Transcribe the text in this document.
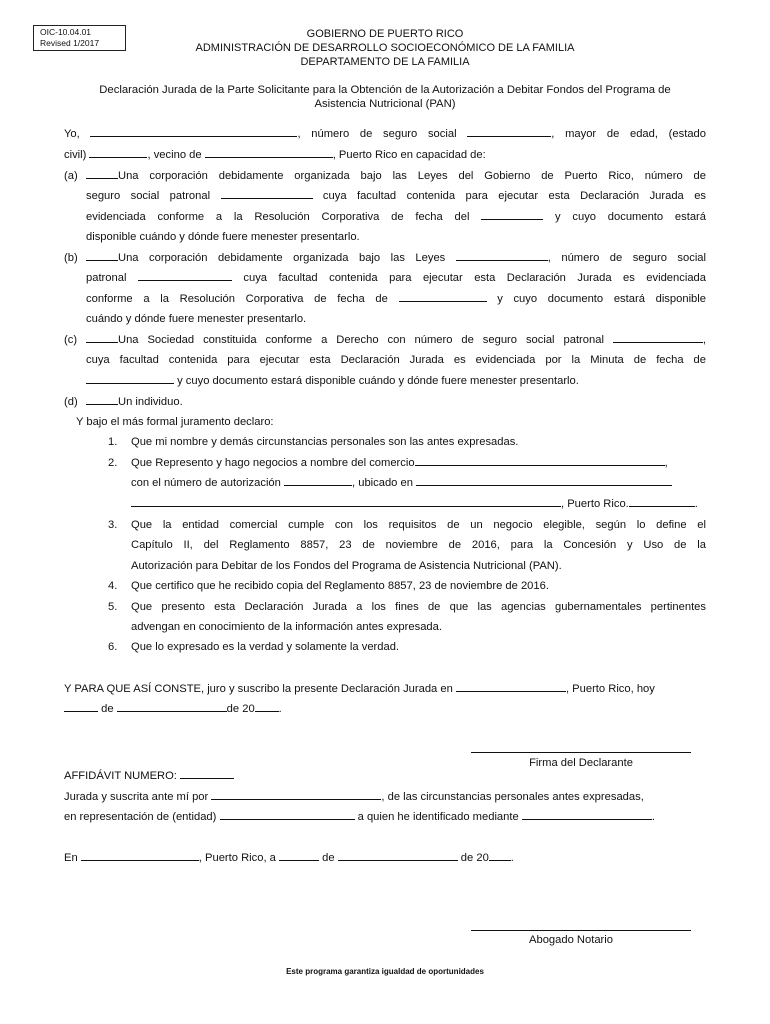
OIC-10.04.01
Revised 1/2017
GOBIERNO DE PUERTO RICO
ADMINISTRACIÓN DE DESARROLLO SOCIOECONÓMICO DE LA FAMILIA
DEPARTAMENTO DE LA FAMILIA
Declaración Jurada de la Parte Solicitante para la Obtención de la Autorización a Debitar Fondos del Programa de
Asistencia Nutricional (PAN)
Yo,	, número de seguro social	, mayor de edad, (estado
civil)	, vecino de	, Puerto Rico en capacidad de:
(a)	Una corporación debidamente organizada bajo las Leyes del Gobierno de Puerto Rico, número de
seguro social patronal	cuya facultad contenida para ejecutar esta Declaración Jurada es
evidenciada conforme a la Resolución Corporativa de fecha del	y cuyo documento estará
disponible cuándo y dónde fuere menester presentarlo.
(b)	Una corporación debidamente organizada bajo las Leyes	, número de seguro social
patronal	cuya facultad contenida para ejecutar esta Declaración Jurada es evidenciada
conforme a la Resolución Corporativa de fecha de	y cuyo documento estará disponible
cuándo y dónde fuere menester presentarlo.
(c)	Una Sociedad constituida conforme a Derecho con número de seguro social patronal	,
cuya facultad contenida para ejecutar esta Declaración Jurada es evidenciada por la Minuta de fecha de
y cuyo documento estará disponible cuándo y dónde fuere menester presentarlo.
(d)	Un individuo.
Y bajo el más formal juramento declaro:
1. Que mi nombre y demás circunstancias personales son las antes expresadas.
2. Que Represento y hago negocios a nombre del comercio	,
con el número de autorización	, ubicado en
, Puerto Rico.	.
3. Que la entidad comercial cumple con los requisitos de un negocio elegible, según lo define el
Capítulo II, del Reglamento 8857, 23 de noviembre de 2016, para la Concesión y Uso de la
Autorización para Debitar de los Fondos del Programa de Asistencia Nutricional (PAN).
4. Que certifico que he recibido copia del Reglamento 8857, 23 de noviembre de 2016.
5. Que presento esta Declaración Jurada a los fines de que las agencias gubernamentales pertinentes
advengan en conocimiento de la información antes expresada.
6. Que lo expresado es la verdad y solamente la verdad.
Y PARA QUE ASÍ CONSTE, juro y suscribo la presente Declaración Jurada en	, Puerto Rico, hoy
de	de 20 .
Firma del Declarante
AFFIDÁVIT NUMERO:
Jurada y suscrita ante mí por	, de las circunstancias personales antes expresadas,
en representación de (entidad)	a quien he identificado mediante	.
En	, Puerto Rico, a	de	de 20 .
Abogado Notario
Este programa garantiza igualdad de oportunidades
